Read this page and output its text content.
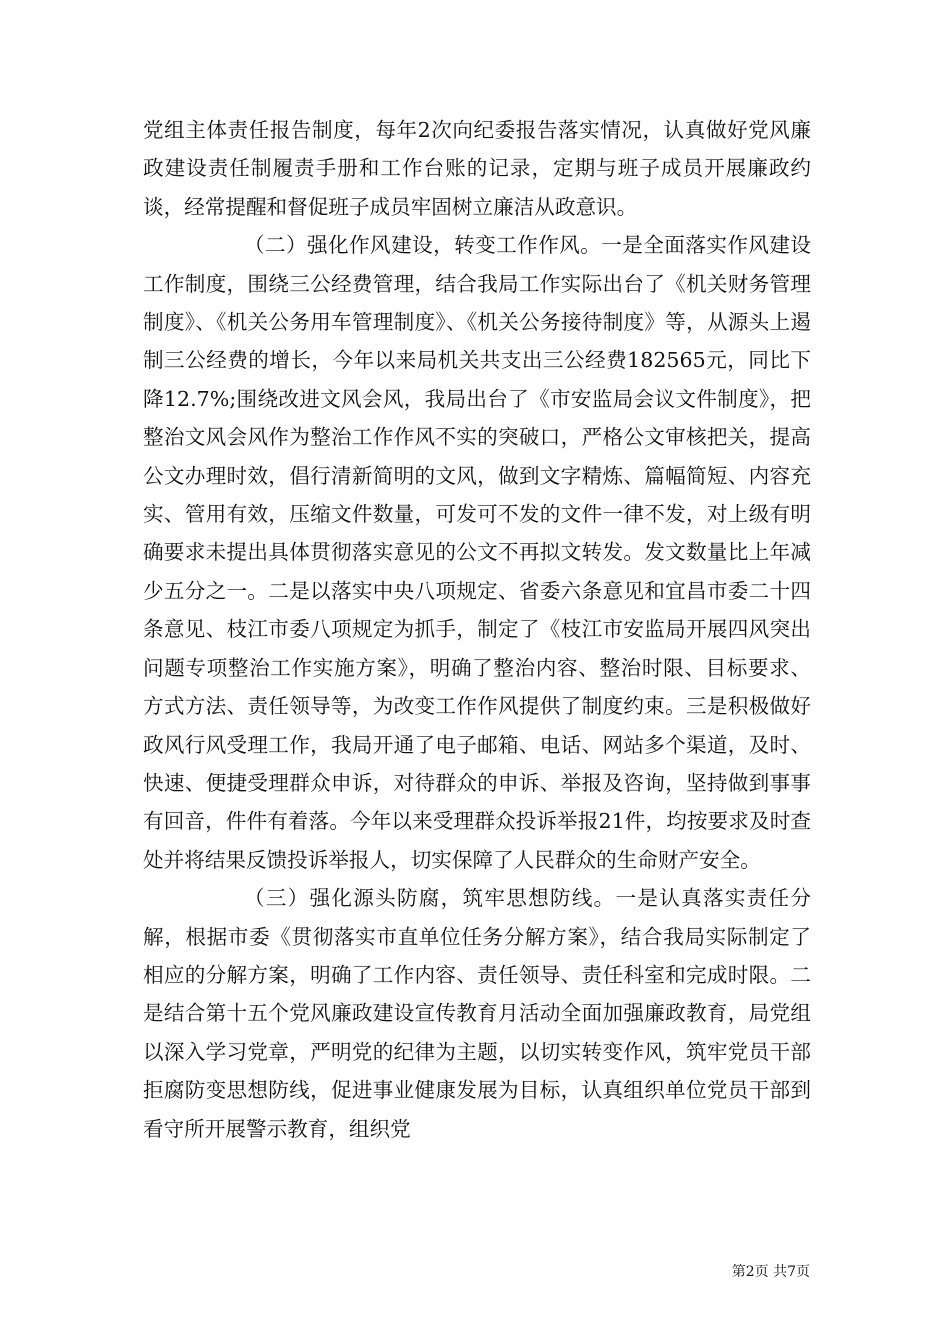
党组主体责任报告制度，每年2次向纪委报告落实情况，认真做好党风廉政建设责任制履责手册和工作台账的记录，定期与班子成员开展廉政约谈，经常提醒和督促班子成员牢固树立廉洁从政意识。

（二）强化作风建设，转变工作作风。一是全面落实作风建设工作制度，围绕三公经费管理，结合我局工作实际出台了《机关财务管理制度》、《机关公务用车管理制度》、《机关公务接待制度》等，从源头上遏制三公经费的增长，今年以来局机关共支出三公经费182565元，同比下降12.7%;围绕改进文风会风，我局出台了《市安监局会议文件制度》，把整治文风会风作为整治工作作风不实的突破口，严格公文审核把关，提高公文办理时效，倡行清新简明的文风，做到文字精炼、篇幅简短、内容充实、管用有效，压缩文件数量，可发可不发的文件一律不发，对上级有明确要求未提出具体贯彻落实意见的公文不再拟文转发。发文数量比上年减少五分之一。二是以落实中央八项规定、省委六条意见和宜昌市委二十四条意见、枝江市委八项规定为抓手，制定了《枝江市安监局开展四风突出问题专项整治工作实施方案》，明确了整治内容、整治时限、目标要求、方式方法、责任领导等，为改变工作作风提供了制度约束。三是积极做好政风行风受理工作，我局开通了电子邮箱、电话、网站多个渠道，及时、快速、便捷受理群众申诉，对待群众的申诉、举报及咨询，坚持做到事事有回音，件件有着落。今年以来受理群众投诉举报21件，均按要求及时查处并将结果反馈投诉举报人，切实保障了人民群众的生命财产安全。

（三）强化源头防腐，筑牢思想防线。一是认真落实责任分解，根据市委《贯彻落实市直单位任务分解方案》，结合我局实际制定了相应的分解方案，明确了工作内容、责任领导、责任科室和完成时限。二是结合第十五个党风廉政建设宣传教育月活动全面加强廉政教育，局党组以深入学习党章，严明党的纪律为主题，以切实转变作风，筑牢党员干部拒腐防变思想防线，促进事业健康发展为目标，认真组织单位党员干部到看守所开展警示教育，组织党

第2页 共7页
